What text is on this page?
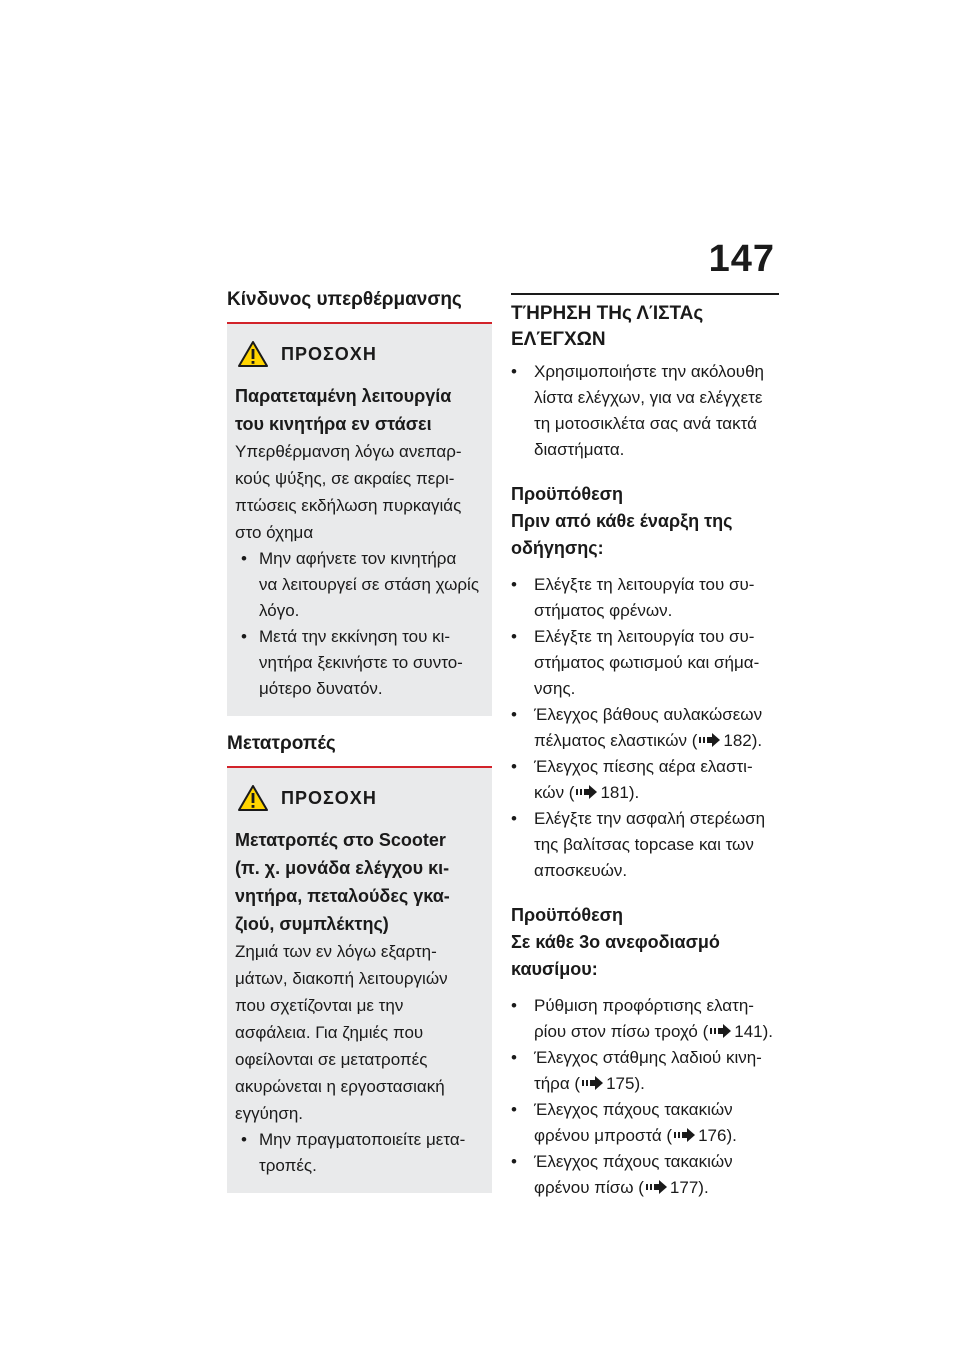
147
Κίνδυνος υπερθέρμανσης
ΠΡΟΣΟΧΗ

Παρατεταμένη λειτουργία
του κινητήρα εν στάσει

Υπερθέρμανση λόγω ανεπαρ-
κούς ψύξης, σε ακραίες περι-
πτώσεις εκδήλωση πυρκαγιάς
στο όχημα

• Μην αφήνετε τον κινητήρα
να λειτουργεί σε στάση χωρίς
λόγο.
• Μετά την εκκίνηση του κι-
νητήρα ξεκινήστε το συντο-
μότερο δυνατόν.
Μετατροπές
ΠΡΟΣΟΧΗ

Μετατροπές στο Scooter
(π. χ. μονάδα ελέγχου κι-
νητήρα, πεταλούδες γκα-
ζιού, συμπλέκτης)

Ζημιά των εν λόγω εξαρτη-
μάτων, διακοπή λειτουργιών
που σχετίζονται με την
ασφάλεια. Για ζημιές που
οφείλονται σε μετατροπές
ακυρώνεται η εργοστασιακή
εγγύηση.

• Μην πραγματοποιείτε μετα-
τροπές.
ΤΉΡΗΣΗ ΤΗς ΛΊΣΤΑς
ΕΛΈΓΧΩΝ
• Χρησιμοποιήστε την ακόλουθη
λίστα ελέγχων, για να ελέγχετε
τη μοτοσικλέτα σας ανά τακτά
διαστήματα.

Προϋπόθεση
Πριν από κάθε έναρξη της
οδήγησης:

• Ελέγξτε τη λειτουργία του συ-
στήματος φρένων.
• Ελέγξτε τη λειτουργία του συ-
στήματος φωτισμού και σήμα-
νσης.
• Έλεγχος βάθους αυλακώσεων
πέλματος ελαστικών ( 182).
• Έλεγχος πίεσης αέρα ελαστι-
κών ( 181).
• Ελέγξτε την ασφαλή στερέωση
της βαλίτσας topcase και των
αποσκευών.

Προϋπόθεση
Σε κάθε 3ο ανεφοδιασμό
καυσίμου:

• Ρύθμιση προφόρτισης ελατη-
ρίου στον πίσω τροχό ( 141).
• Έλεγχος στάθμης λαδιού κινη-
τήρα ( 175).
• Έλεγχος πάχους τακακιών
φρένου μπροστά ( 176).
• Έλεγχος πάχους τακακιών
φρένου πίσω ( 177).
